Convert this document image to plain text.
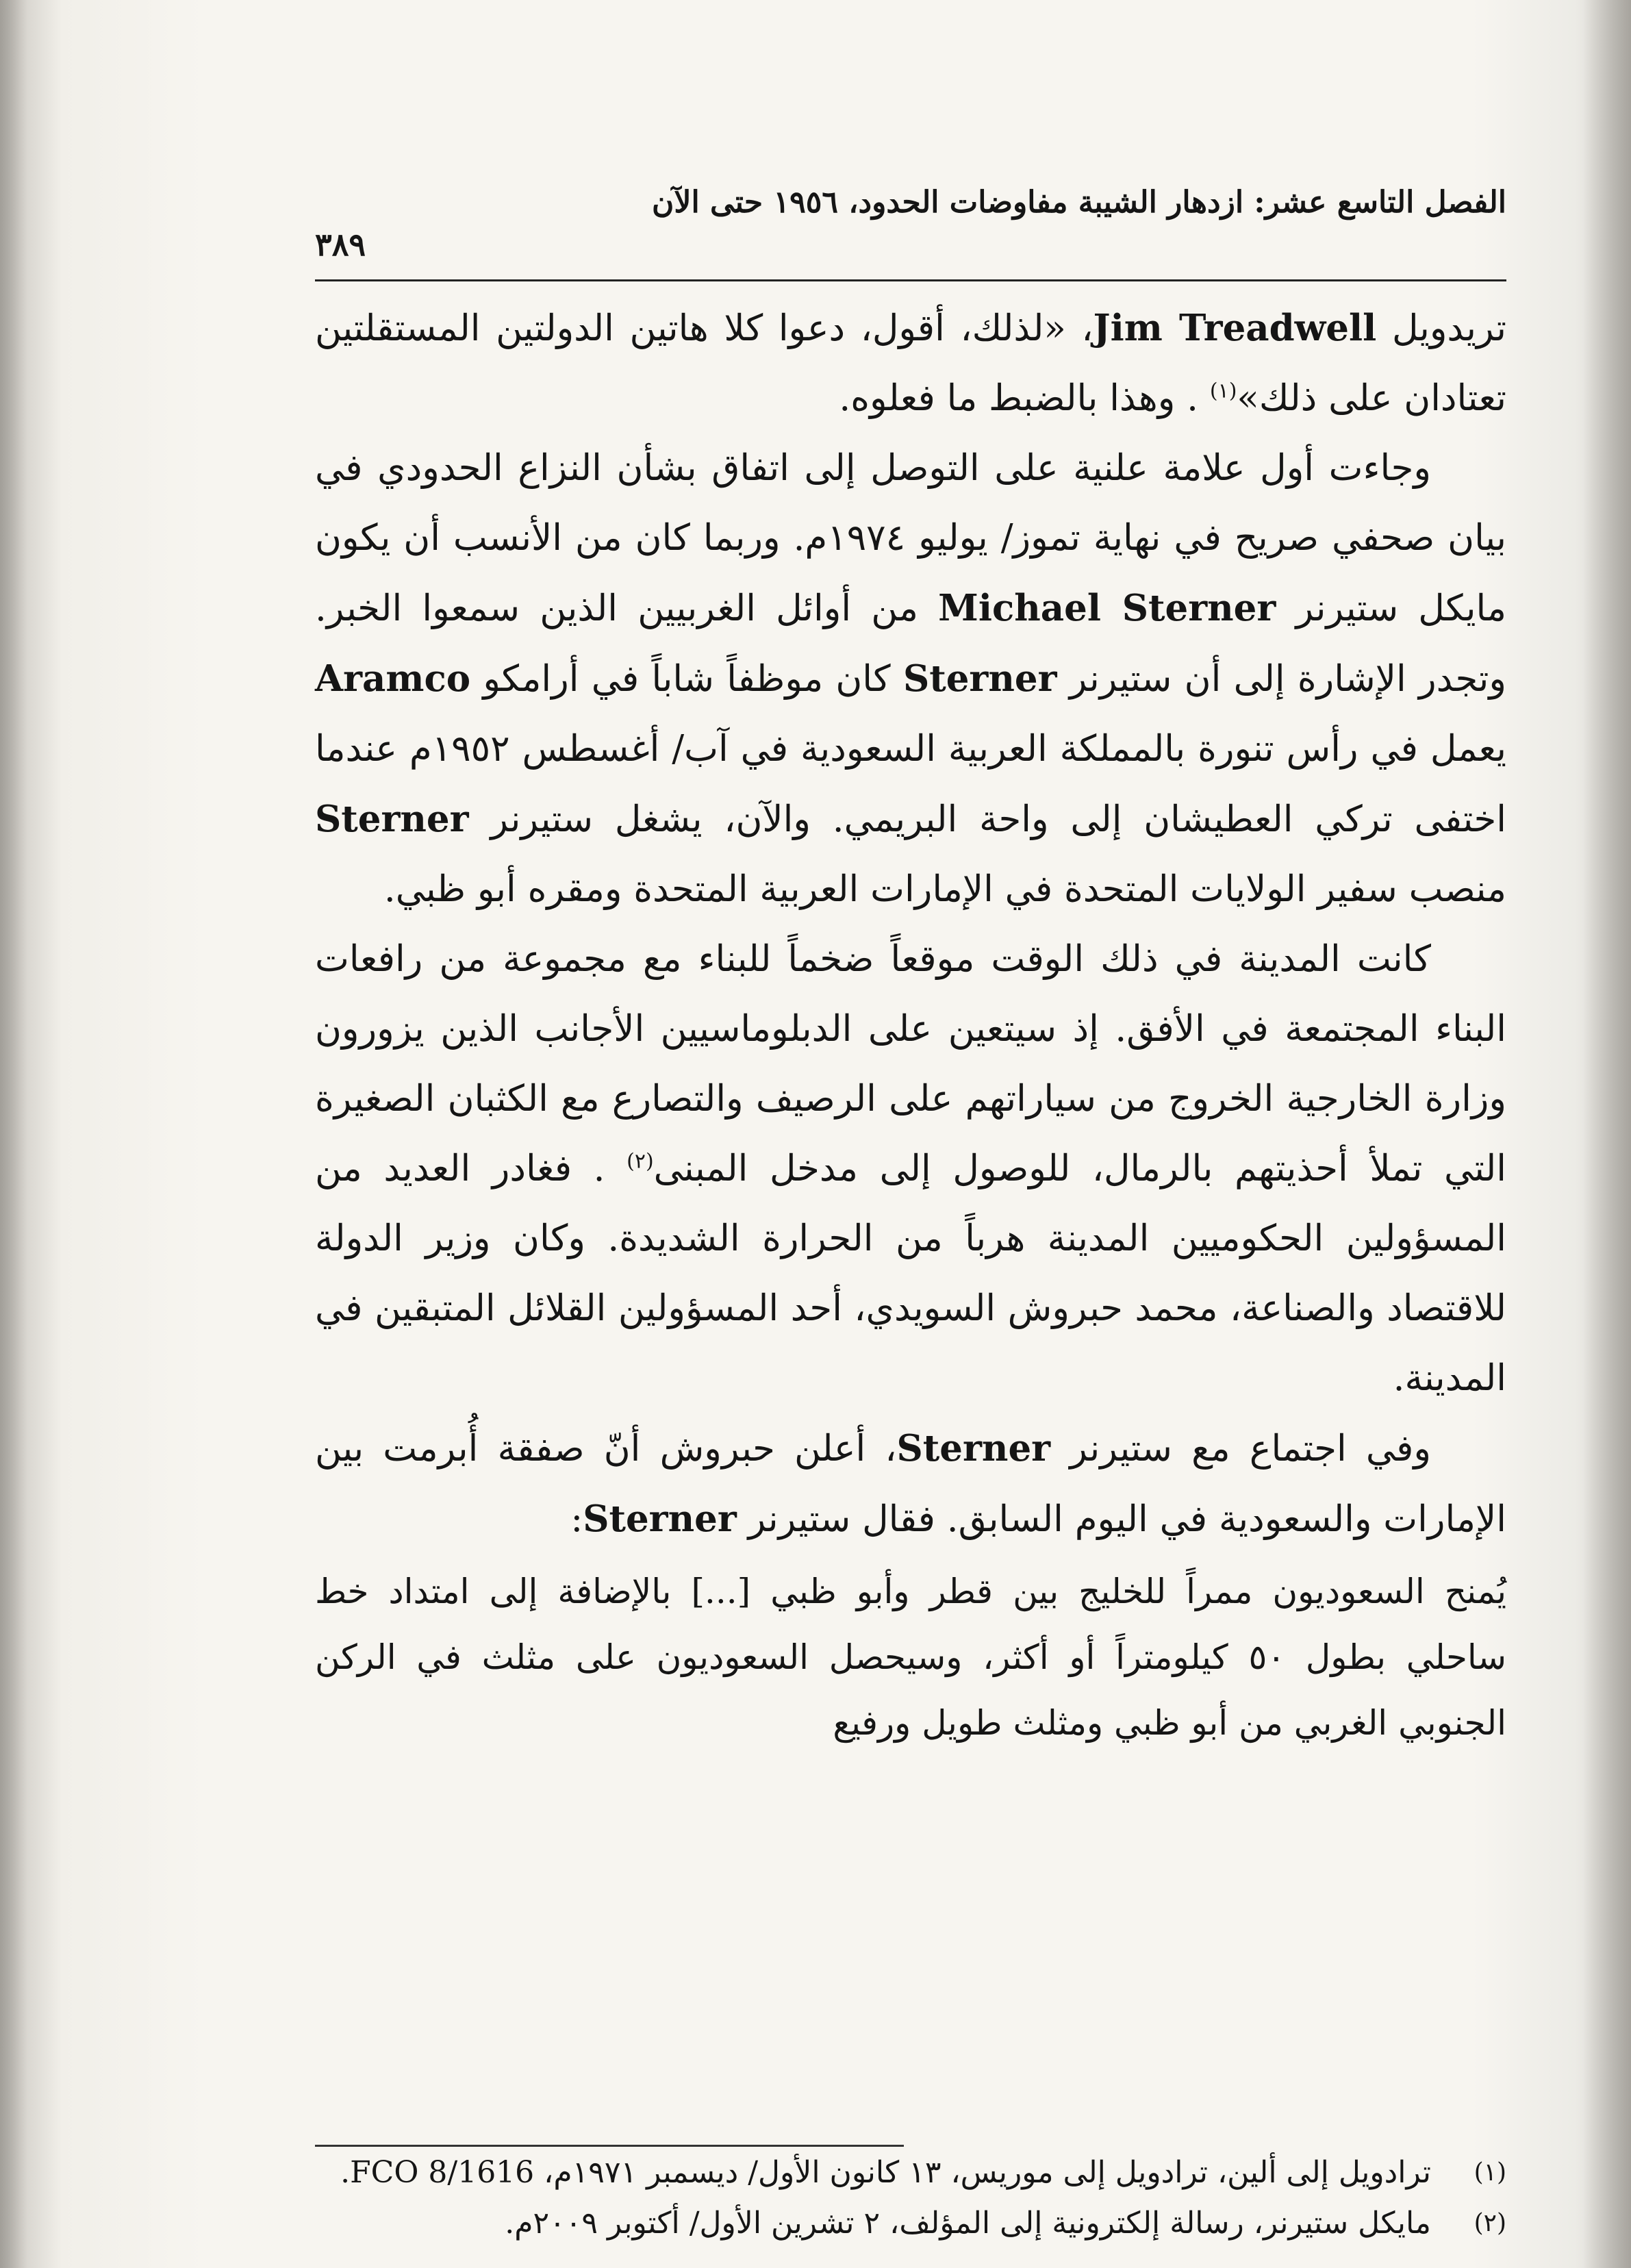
الفصل التاسع عشر: ازدهار الشيبة مفاوضات الحدود، ١٩٥٦ حتى الآن
٣٨٩

تريدويل Jim Treadwell، «لذلك، أقول، دعوا كلا هاتين الدولتين المستقلتين تعتادان على ذلك»$^{(١)}$ . وهذا بالضبط ما فعلوه.

وجاءت أول علامة علنية على التوصل إلى اتفاق بشأن النزاع الحدودي في بيان صحفي صريح في نهاية تموز/ يوليو ١٩٧٤م. وربما كان من الأنسب أن يكون مايكل ستيرنر Michael Sterner من أوائل الغربيين الذين سمعوا الخبر. وتجدر الإشارة إلى أن ستيرنر Sterner كان موظفاً شاباً في أرامكو Aramco يعمل في رأس تنورة بالمملكة العربية السعودية في آب/ أغسطس ١٩٥٢م عندما اختفى تركي العطيشان إلى واحة البريمي. والآن، يشغل ستيرنر Sterner منصب سفير الولايات المتحدة في الإمارات العربية المتحدة ومقره أبو ظبي.

كانت المدينة في ذلك الوقت موقعاً ضخماً للبناء مع مجموعة من رافعات البناء المجتمعة في الأفق. إذ سيتعين على الدبلوماسيين الأجانب الذين يزورون وزارة الخارجية الخروج من سياراتهم على الرصيف والتصارع مع الكثبان الصغيرة التي تملأ أحذيتهم بالرمال، للوصول إلى مدخل المبنى$^{(٢)}$ . فغادر العديد من المسؤولين الحكوميين المدينة هرباً من الحرارة الشديدة. وكان وزير الدولة للاقتصاد والصناعة، محمد حبروش السويدي، أحد المسؤولين القلائل المتبقين في المدينة.

وفي اجتماع مع ستيرنر Sterner، أعلن حبروش أنّ صفقة أُبرمت بين الإمارات والسعودية في اليوم السابق. فقال ستيرنر Sterner:

يُمنح السعوديون ممراً للخليج بين قطر وأبو ظبي [...] بالإضافة إلى امتداد خط ساحلي بطول ٥٠ كيلومتراً أو أكثر، وسيحصل السعوديون على مثلث في الركن الجنوبي الغربي من أبو ظبي ومثلث طويل ورفيع

(١)
ترادويل إلى ألين، ترادويل إلى موريس، ١٣ كانون الأول/ ديسمبر ١٩٧١م، FCO 8/1616.
(٢)
مايكل ستيرنر، رسالة إلكترونية إلى المؤلف، ٢ تشرين الأول/ أكتوبر ٢٠٠٩م.
